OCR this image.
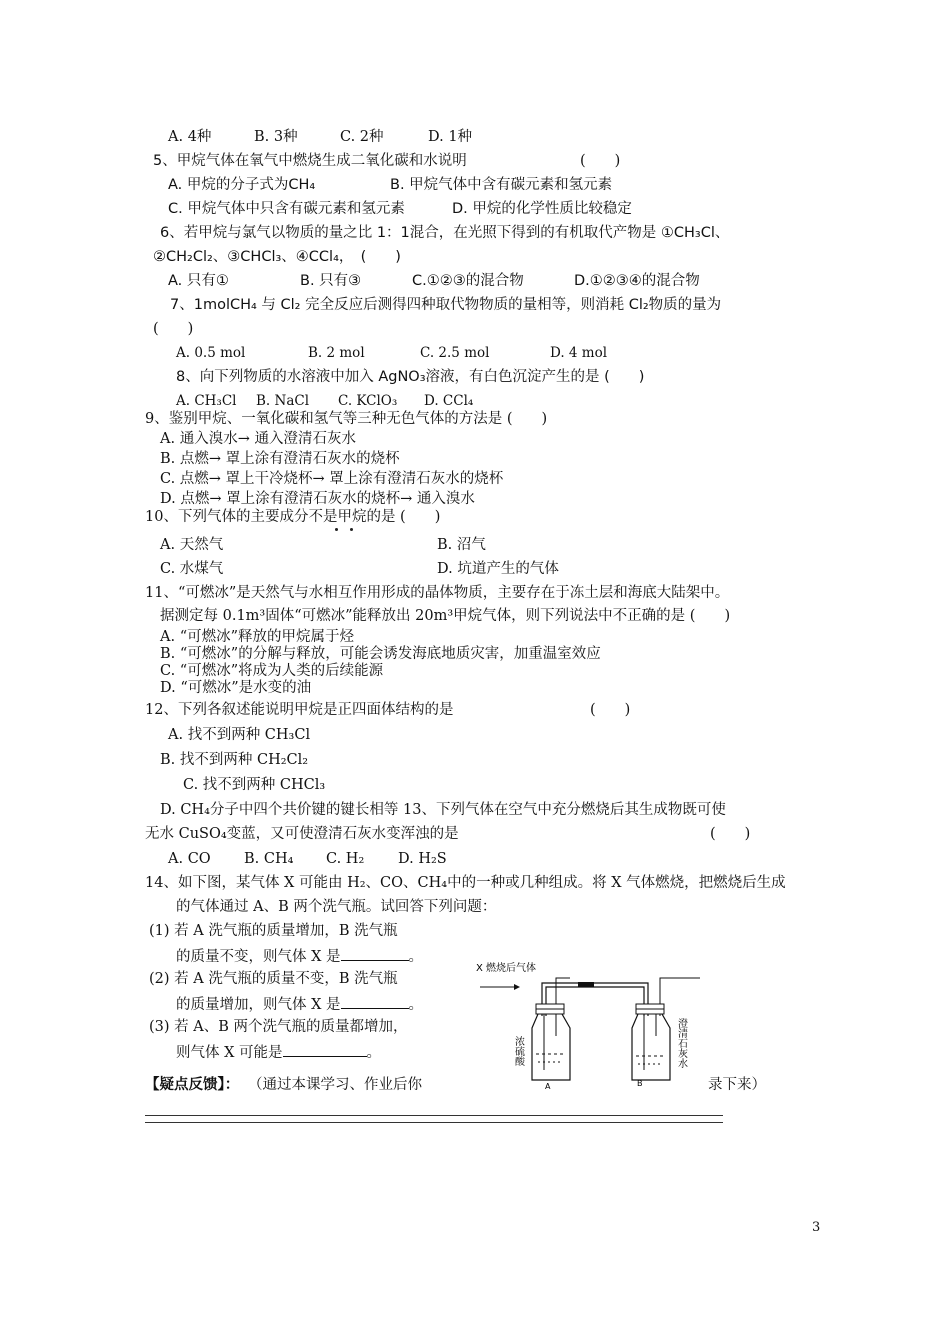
A. 4种	B. 3种	C. 2种	D. 1种
5、甲烷气体在氧气中燃烧生成二氧化碳和水说明	(　　)
A. 甲烷的分子式为CH₄	B. 甲烷气体中含有碳元素和氢元素
C. 甲烷气体中只含有碳元素和氢元素	D. 甲烷的化学性质比较稳定
6、若甲烷与氯气以物质的量之比 1：1混合，在光照下得到的有机取代产物是 ①CH₃Cl、
②CH₂Cl₂、③CHCl₃、④CCl₄，　(　　)
A. 只有①	B. 只有③	C.①②③的混合物	D.①②③④的混合物
7、1molCH₄ 与 Cl₂ 完全反应后测得四种取代物物质的量相等，则消耗 Cl₂物质的量为
(　　)
A. 0.5 mol	B. 2 mol	C. 2.5 mol	D. 4 mol
8、向下列物质的水溶液中加入 AgNO₃溶液，有白色沉淀产生的是 (　　)
A. CH₃Cl B. NaCl C. KClO₃ D. CCl₄
9、鉴别甲烷、一氧化碳和氢气等三种无色气体的方法是 (　　)
A. 通入溴水→ 通入澄清石灰水
B. 点燃→ 罩上涂有澄清石灰水的烧杯
C. 点燃→ 罩上干冷烧杯→ 罩上涂有澄清石灰水的烧杯
D. 点燃→ 罩上涂有澄清石灰水的烧杯→ 通入溴水
10、下列气体的主要成分不是甲烷的是 (　　)
A. 天然气	B. 沼气
C. 水煤气	D. 坑道产生的气体
11、“可燃冰”是天然气与水相互作用形成的晶体物质，主要存在于冻土层和海底大陆架中。
据测定每 0.1m³固体“可燃冰”能释放出 20m³甲烷气体，则下列说法中不正确的是 (　　)
A. “可燃冰”释放的甲烷属于烃
B. “可燃冰”的分解与释放，可能会诱发海底地质灾害，加重温室效应
C. “可燃冰”将成为人类的后续能源
D. “可燃冰”是水变的油
12、下列各叙述能说明甲烷是正四面体结构的是	(　　)
A. 找不到两种 CH₃Cl
B. 找不到两种 CH₂Cl₂
C. 找不到两种 CHCl₃
D. CH₄分子中四个共价键的键长相等 13、下列气体在空气中充分燃烧后其生成物既可使
无水 CuSO₄变蓝，又可使澄清石灰水变浑浊的是	(　　)
A. CO B. CH₄ C. H₂ D. H₂S
14、如下图，某气体 X 可能由 H₂、CO、CH₄中的一种或几种组成。将 X 气体燃烧，把燃烧后生成
的气体通过 A、B 两个洗气瓶。试回答下列问题：
(1) 若 A 洗气瓶的质量增加，B 洗气瓶
的质量不变，则气体 X 是	。
(2) 若 A 洗气瓶的质量不变，B 洗气瓶
的质量增加，则气体 X 是	。
(3) 若 A、B 两个洗气瓶的质量都增加，
则气体 X 可能是	。
X 燃烧后气体
浓硫酸	澄清石灰水
A	B
【疑点反馈】： （通过本课学习、作业后你	录下来）
3
